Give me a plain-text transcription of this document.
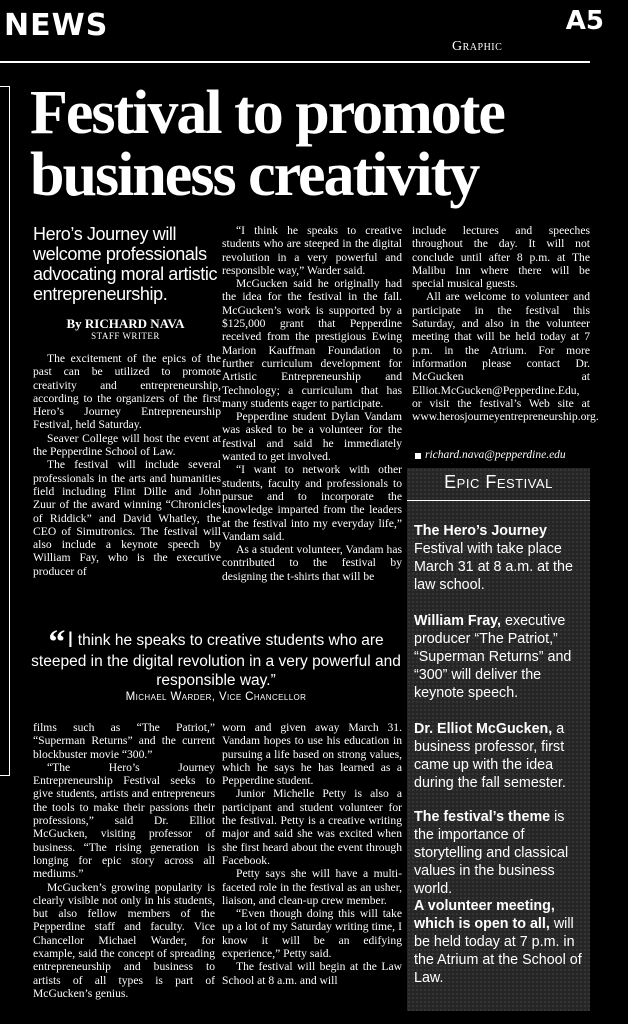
NEWS	A5
Graphic
Festival to promote business creativity

Hero’s Journey will welcome professionals advocating moral artistic entrepreneurship.

By RICHARD NAVA
STAFF WRITER

The excitement of the epics of the past can be utilized to promote creativity and entrepreneurship, according to the organizers of the first Hero’s Journey Entrepreneurship Festival, held Saturday.

Seaver College will host the event at the Pepperdine School of Law.

The festival will include several professionals in the arts and humanities field including Flint Dille and John Zuur of the award winning “Chronicles of Riddick” and David Whatley, the CEO of Simutronics. The festival will also include a keynote speech by William Fay, who is the executive producer of

“I think he speaks to creative students who are steeped in the digital revolution in a very powerful and responsible way,” Warder said.

McGucken said he originally had the idea for the festival in the fall. McGucken’s work is supported by a $125,000 grant that Pepperdine received from the prestigious Ewing Marion Kauffman Foundation to further curriculum development for Artistic Entrepreneurship and Technology; a curriculum that has many students eager to participate.

Pepperdine student Dylan Vandam was asked to be a volunteer for the festival and said he immediately wanted to get involved.

“I want to network with other students, faculty and professionals to pursue and to incorporate the knowledge imparted from the leaders at the festival into my everyday life,” Vandam said.

As a student volunteer, Vandam has contributed to the festival by designing the t-shirts that will be

include lectures and speeches throughout the day. It will not conclude until after 8 p.m. at The Malibu Inn where there will be special musical guests.

All are welcome to volunteer and participate in the festival this Saturday, and also in the volunteer meeting that will be held today at 7 p.m. in the Atrium. For more information please contact Dr. McGucken at Elliot.McGucken@Pepperdine.Edu, or visit the festival’s Web site at www.herosjourneyentrepreneurship.org.

richard.nava@pepperdine.edu

“I think he speaks to creative students who are steeped in the digital revolution in a very powerful and responsible way.”

Michael Warder, Vice Chancellor

films such as “The Patriot,” “Superman Returns” and the current blockbuster movie “300.”

“The Hero’s Journey Entrepreneurship Festival seeks to give students, artists and entrepreneurs the tools to make their passions their professions,” said Dr. Elliot McGucken, visiting professor of business. “The rising generation is longing for epic story across all mediums.”

McGucken’s growing popularity is clearly visible not only in his students, but also fellow members of the Pepperdine staff and faculty. Vice Chancellor Michael Warder, for example, said the concept of spreading entrepreneurship and business to artists of all types is part of McGucken’s genius.

worn and given away March 31. Vandam hopes to use his education in pursuing a life based on strong values, which he says he has learned as a Pepperdine student.

Junior Michelle Petty is also a participant and student volunteer for the festival. Petty is a creative writing major and said she was excited when she first heard about the event through Facebook.

Petty says she will have a multi-faceted role in the festival as an usher, liaison, and clean-up crew member.

“Even though doing this will take up a lot of my Saturday writing time, I know it will be an edifying experience,” Petty said.

The festival will begin at the Law School at 8 a.m. and will

Epic Festival

The Hero’s Journey Festival with take place March 31 at 8 a.m. at the law school.

William Fray, executive producer “The Patriot,” “Superman Returns” and “300” will deliver the keynote speech.

Dr. Elliot McGucken, a business professor, first came up with the idea during the fall semester.

The festival’s theme is the importance of storytelling and classical values in the business world.

A volunteer meeting, which is open to all, will be held today at 7 p.m. in the Atrium at the School of Law.
